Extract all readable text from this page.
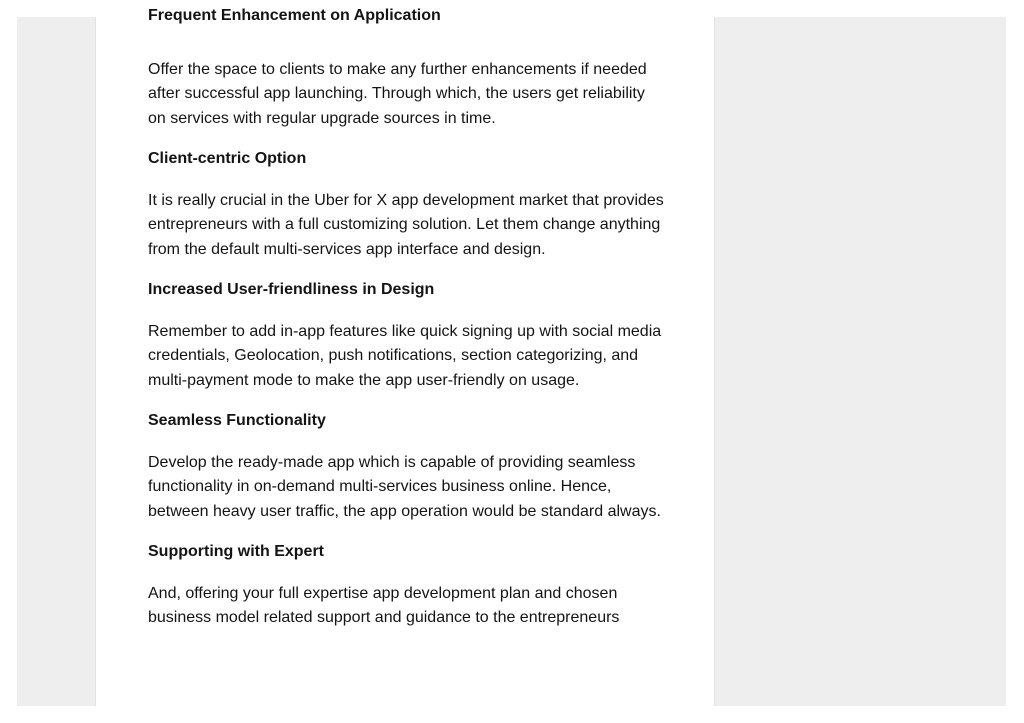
Frequent Enhancement on Application

Offer the space to clients to make any further enhancements if needed after successful app launching. Through which, the users get reliability on services with regular upgrade sources in time.

Client-centric Option

It is really crucial in the Uber for X app development market that provides entrepreneurs with a full customizing solution. Let them change anything from the default multi-services app interface and design.

Increased User-friendliness in Design

Remember to add in-app features like quick signing up with social media credentials, Geolocation, push notifications, section categorizing, and multi-payment mode to make the app user-friendly on usage.

Seamless Functionality

Develop the ready-made app which is capable of providing seamless functionality in on-demand multi-services business online. Hence, between heavy user traffic, the app operation would be standard always.

Supporting with Expert

And, offering your full expertise app development plan and chosen business model related support and guidance to the entrepreneurs
